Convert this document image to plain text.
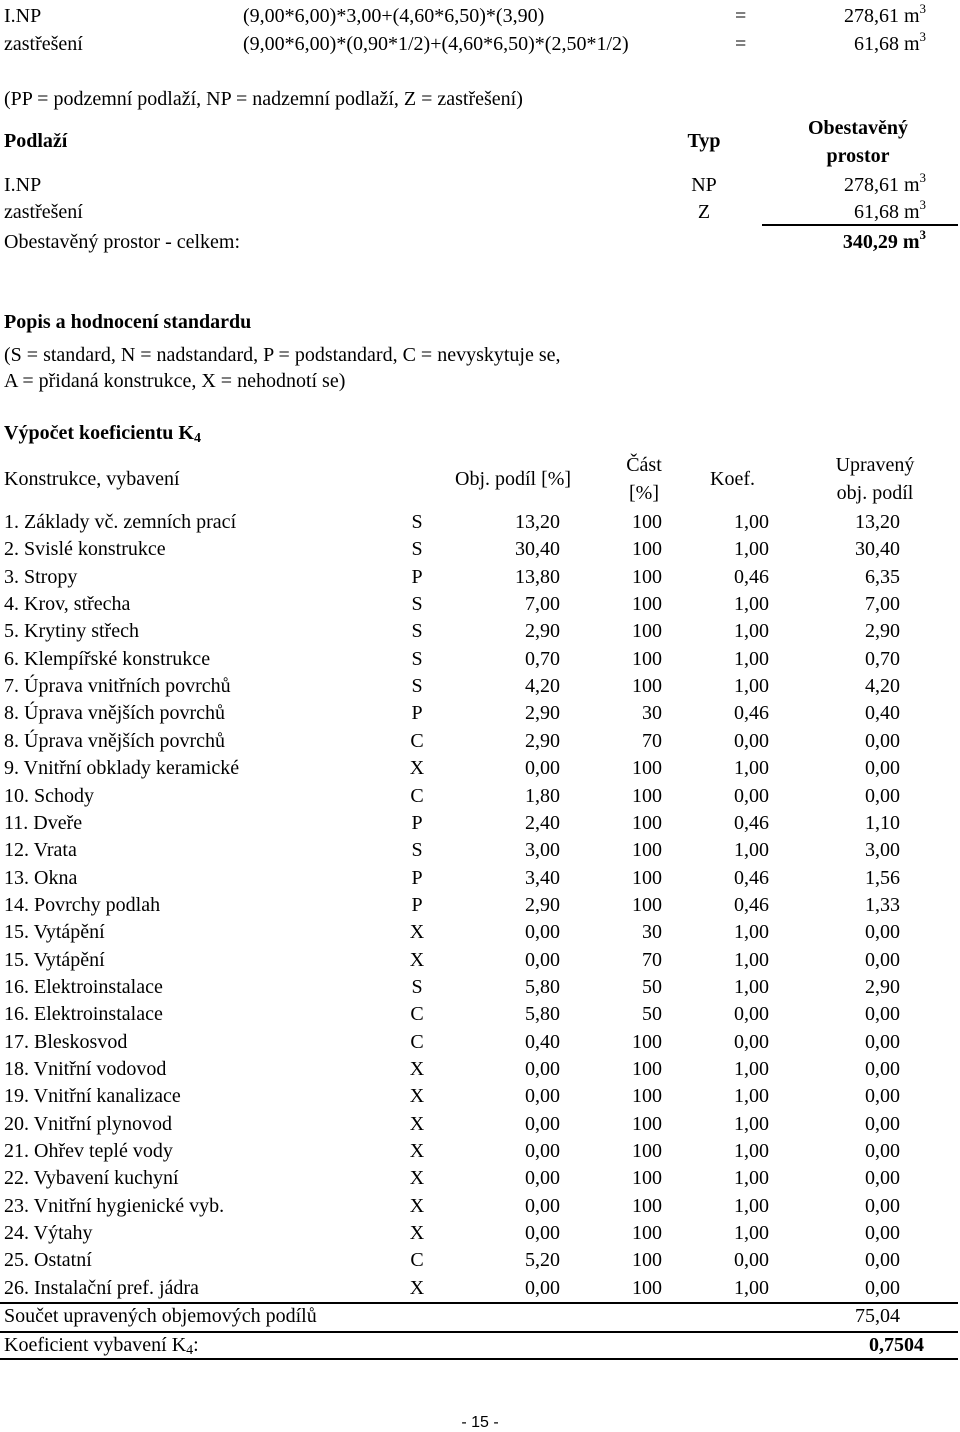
I.NP	(9,00*6,00)*3,00+(4,60*6,50)*(3,90)	=	278,61 $m^3$
zastřešení	(9,00*6,00)*(0,90*1/2)+(4,60*6,50)*(2,50*1/2)	=	61,68 $m^3$
(PP = podzemní podlaží, NP = nadzemní podlaží, Z = zastřešení)
Podlaží	Typ
Obestavěný
prostor
I.NP	NP	278,61 $m^3$
zastřešení	Z	61,68 $m^3$
Obestavěný prostor - celkem:	340,29 $m^3$
Popis a hodnocení standardu
(S = standard, N = nadstandard, P = podstandard, C = nevyskytuje se,
A = přidaná konstrukce, X = nehodnotí se)
Výpočet koeficientu $K_4$
Konstrukce, vybavení	Obj. podíl [%]
Část
[%]
Koef.
Upravený
obj. podíl
1. Základy vč. zemních prací	S	13,20	100	1,00	13,20
2. Svislé konstrukce	S	30,40	100	1,00	30,40
3. Stropy	P	13,80	100	0,46	6,35
4. Krov, střecha	S	7,00	100	1,00	7,00
5. Krytiny střech	S	2,90	100	1,00	2,90
6. Klempířské konstrukce	S	0,70	100	1,00	0,70
7. Úprava vnitřních povrchů	S	4,20	100	1,00	4,20
8. Úprava vnějších povrchů	P	2,90	30	0,46	0,40
8. Úprava vnějších povrchů	C	2,90	70	0,00	0,00
9. Vnitřní obklady keramické	X	0,00	100	1,00	0,00
10. Schody	C	1,80	100	0,00	0,00
11. Dveře	P	2,40	100	0,46	1,10
12. Vrata	S	3,00	100	1,00	3,00
13. Okna	P	3,40	100	0,46	1,56
14. Povrchy podlah	P	2,90	100	0,46	1,33
15. Vytápění	X	0,00	30	1,00	0,00
15. Vytápění	X	0,00	70	1,00	0,00
16. Elektroinstalace	S	5,80	50	1,00	2,90
16. Elektroinstalace	C	5,80	50	0,00	0,00
17. Bleskosvod	C	0,40	100	0,00	0,00
18. Vnitřní vodovod	X	0,00	100	1,00	0,00
19. Vnitřní kanalizace	X	0,00	100	1,00	0,00
20. Vnitřní plynovod	X	0,00	100	1,00	0,00
21. Ohřev teplé vody	X	0,00	100	1,00	0,00
22. Vybavení kuchyní	X	0,00	100	1,00	0,00
23. Vnitřní hygienické vyb.	X	0,00	100	1,00	0,00
24. Výtahy	X	0,00	100	1,00	0,00
25. Ostatní	C	5,20	100	0,00	0,00
26. Instalační pref. jádra	X	0,00	100	1,00	0,00
Součet upravených objemových podílů	75,04
Koeficient vybavení $K_4$:	0,7504
- 15 -
